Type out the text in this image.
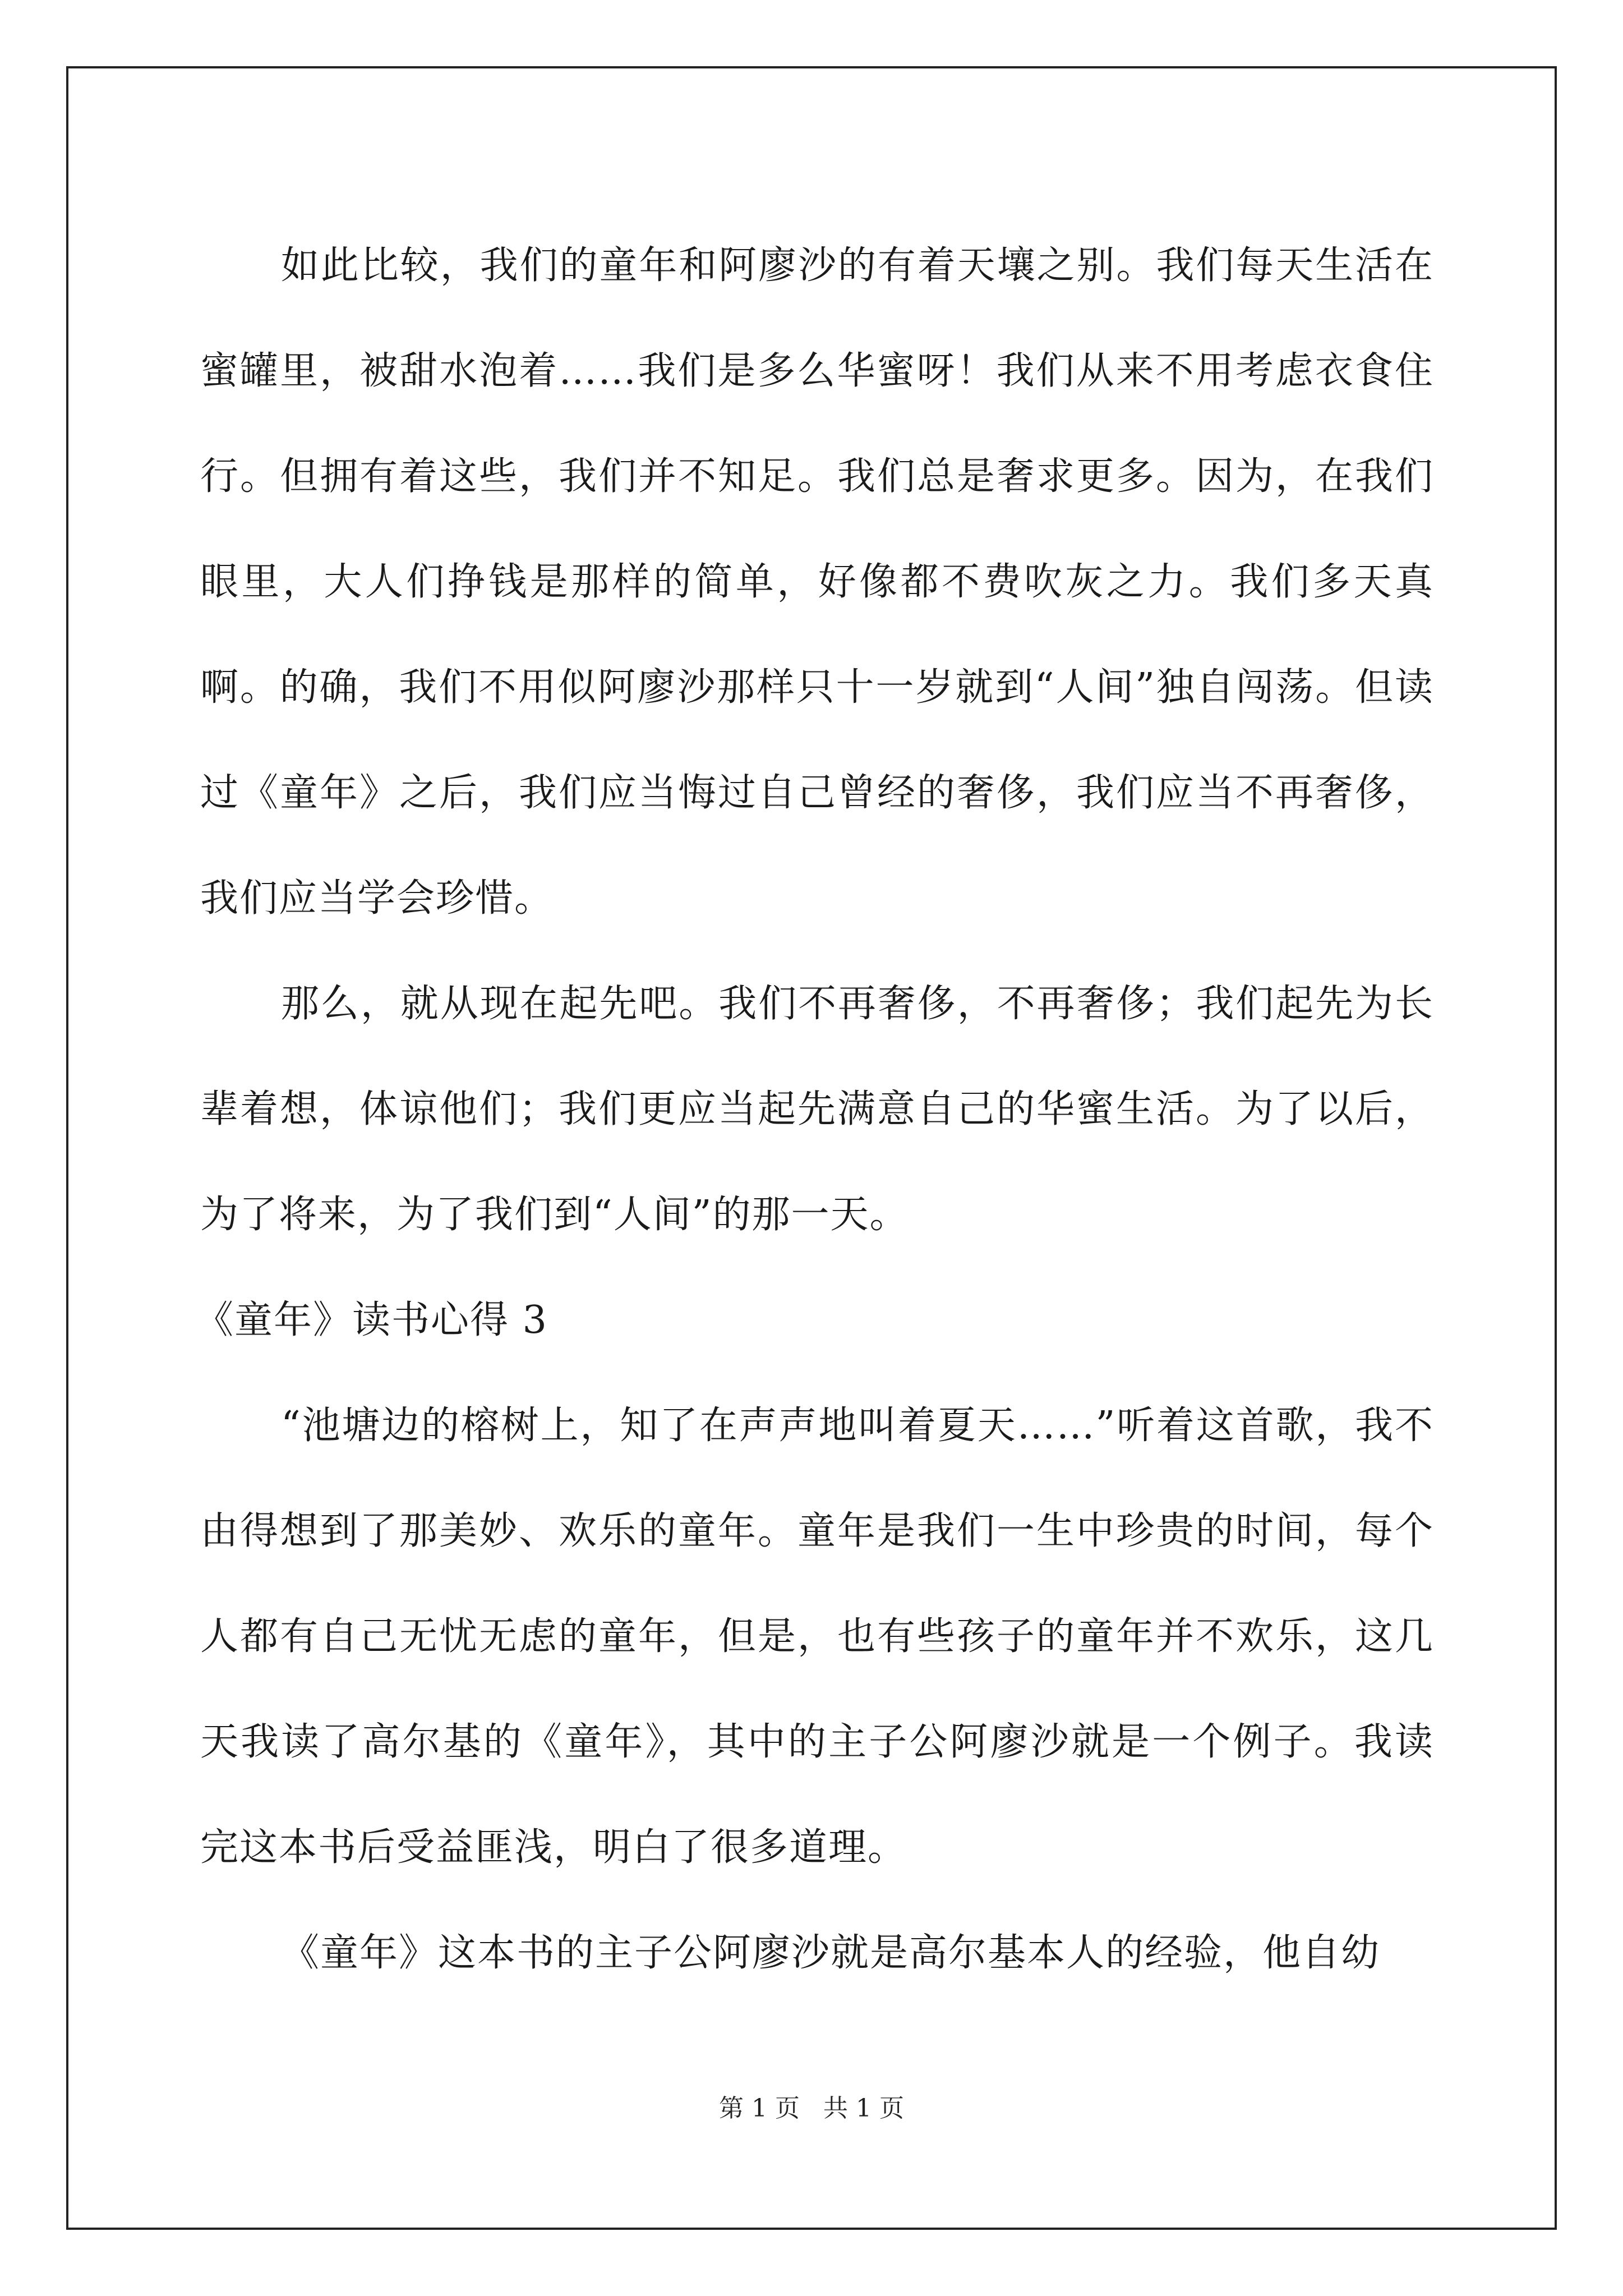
如此比较，我们的童年和阿廖沙的有着天壤之别。我们每天生活在蜜罐里，被甜水泡着……我们是多么华蜜呀！我们从来不用考虑衣食住行。但拥有着这些，我们并不知足。我们总是奢求更多。因为，在我们眼里，大人们挣钱是那样的简单，好像都不费吹灰之力。我们多天真啊。的确，我们不用似阿廖沙那样只十一岁就到“人间”独自闯荡。但读过《童年》之后，我们应当悔过自己曾经的奢侈，我们应当不再奢侈，我们应当学会珍惜。

那么，就从现在起先吧。我们不再奢侈，不再奢侈；我们起先为长辈着想，体谅他们；我们更应当起先满意自己的华蜜生活。为了以后，为了将来，为了我们到“人间”的那一天。

《童年》读书心得 3

“池塘边的榕树上，知了在声声地叫着夏天……”听着这首歌，我不由得想到了那美妙、欢乐的童年。童年是我们一生中珍贵的时间，每个人都有自己无忧无虑的童年，但是，也有些孩子的童年并不欢乐，这几天我读了高尔基的《童年》，其中的主子公阿廖沙就是一个例子。我读完这本书后受益匪浅，明白了很多道理。

《童年》这本书的主子公阿廖沙就是高尔基本人的经验，他自幼

第 1 页   共 1 页
